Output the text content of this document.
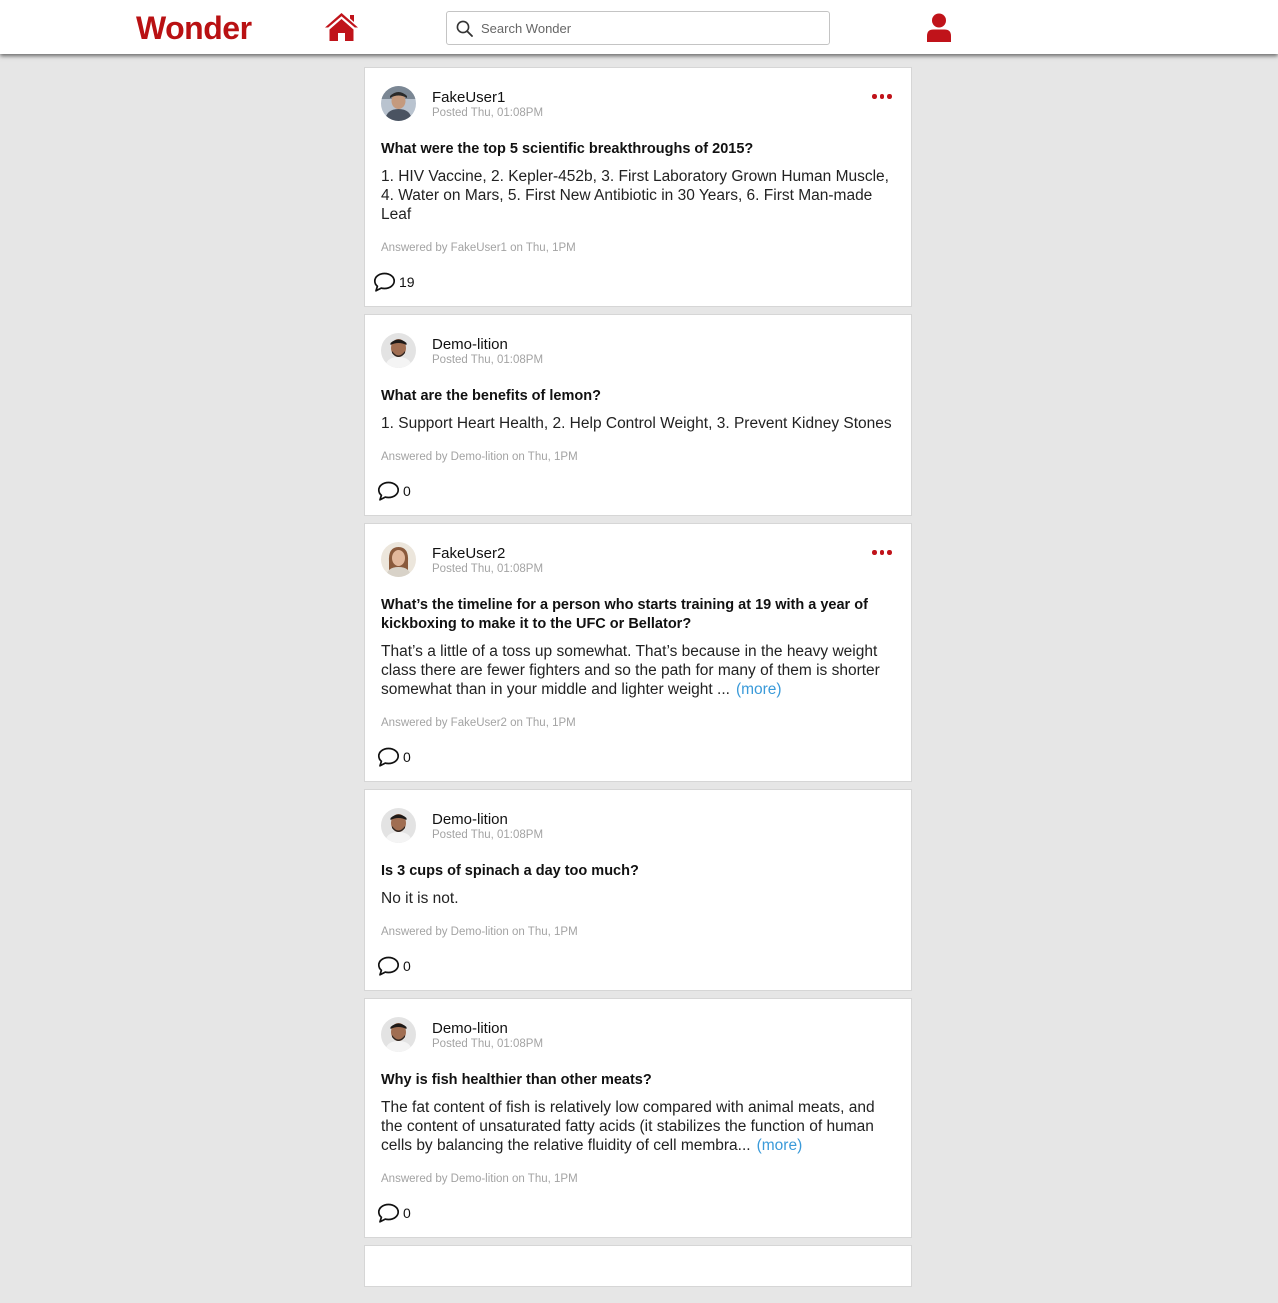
Wonder
Search Wonder
FakeUser1
Posted Thu, 01:08PM

What were the top 5 scientific breakthroughs of 2015?

1. HIV Vaccine, 2. Kepler-452b, 3. First Laboratory Grown Human Muscle, 4. Water on Mars, 5. First New Antibiotic in 30 Years, 6. First Man-made Leaf

Answered by FakeUser1 on Thu, 1PM
19
Demo-lition
Posted Thu, 01:08PM

What are the benefits of lemon?

1. Support Heart Health, 2. Help Control Weight, 3. Prevent Kidney Stones

Answered by Demo-lition on Thu, 1PM
0
FakeUser2
Posted Thu, 01:08PM

What’s the timeline for a person who starts training at 19 with a year of kickboxing to make it to the UFC or Bellator?

That’s a little of a toss up somewhat. That’s because in the heavy weight class there are fewer fighters and so the path for many of them is shorter somewhat than in your middle and lighter weight ... (more)

Answered by FakeUser2 on Thu, 1PM
0
Demo-lition
Posted Thu, 01:08PM

Is 3 cups of spinach a day too much?

No it is not.

Answered by Demo-lition on Thu, 1PM
0
Demo-lition
Posted Thu, 01:08PM

Why is fish healthier than other meats?

The fat content of fish is relatively low compared with animal meats, and the content of unsaturated fatty acids (it stabilizes the function of human cells by balancing the relative fluidity of cell membra... (more)

Answered by Demo-lition on Thu, 1PM
0
